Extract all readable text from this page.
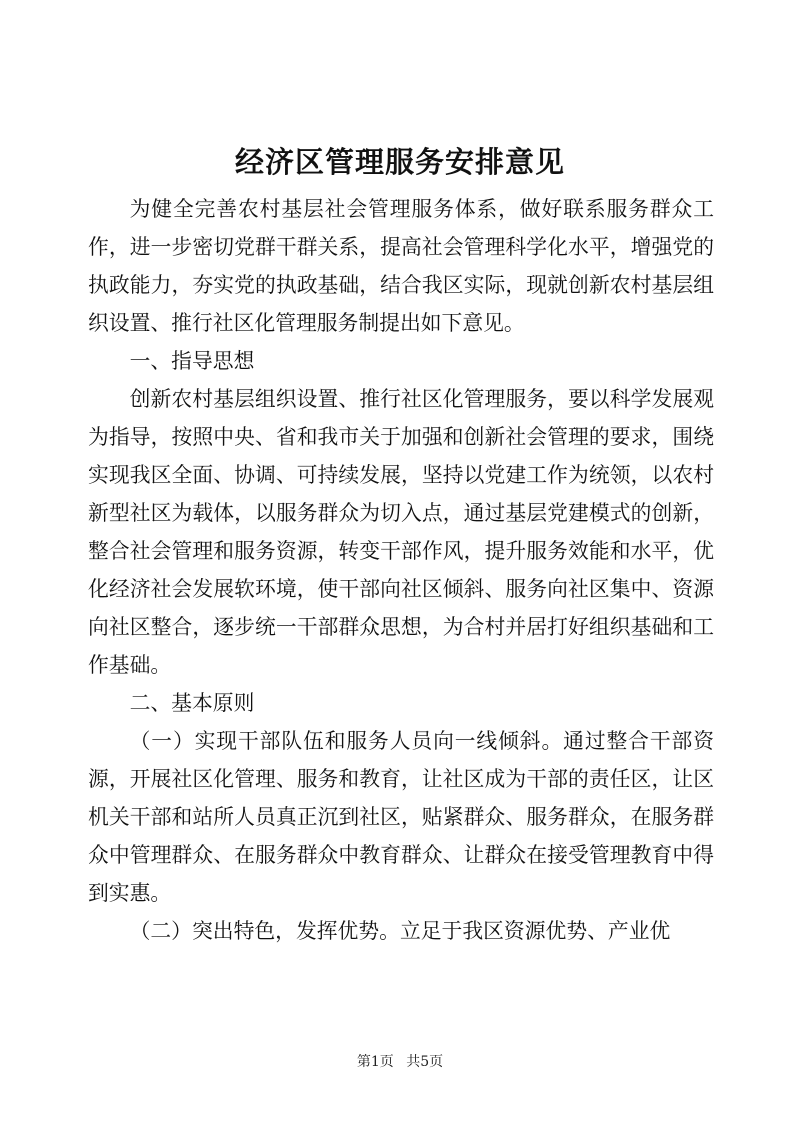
经济区管理服务安排意见

为健全完善农村基层社会管理服务体系，做好联系服务群众工作，进一步密切党群干群关系，提高社会管理科学化水平，增强党的执政能力，夯实党的执政基础，结合我区实际，现就创新农村基层组织设置、推行社区化管理服务制提出如下意见。

一、指导思想

创新农村基层组织设置、推行社区化管理服务，要以科学发展观为指导，按照中央、省和我市关于加强和创新社会管理的要求，围绕实现我区全面、协调、可持续发展，坚持以党建工作为统领，以农村新型社区为载体，以服务群众为切入点，通过基层党建模式的创新，整合社会管理和服务资源，转变干部作风，提升服务效能和水平，优化经济社会发展软环境，使干部向社区倾斜、服务向社区集中、资源向社区整合，逐步统一干部群众思想，为合村并居打好组织基础和工作基础。

二、基本原则

（一）实现干部队伍和服务人员向一线倾斜。通过整合干部资源，开展社区化管理、服务和教育，让社区成为干部的责任区，让区机关干部和站所人员真正沉到社区，贴紧群众、服务群众，在服务群众中管理群众、在服务群众中教育群众、让群众在接受管理教育中得到实惠。

（二）突出特色，发挥优势。立足于我区资源优势、产业优

第1页 共5页
